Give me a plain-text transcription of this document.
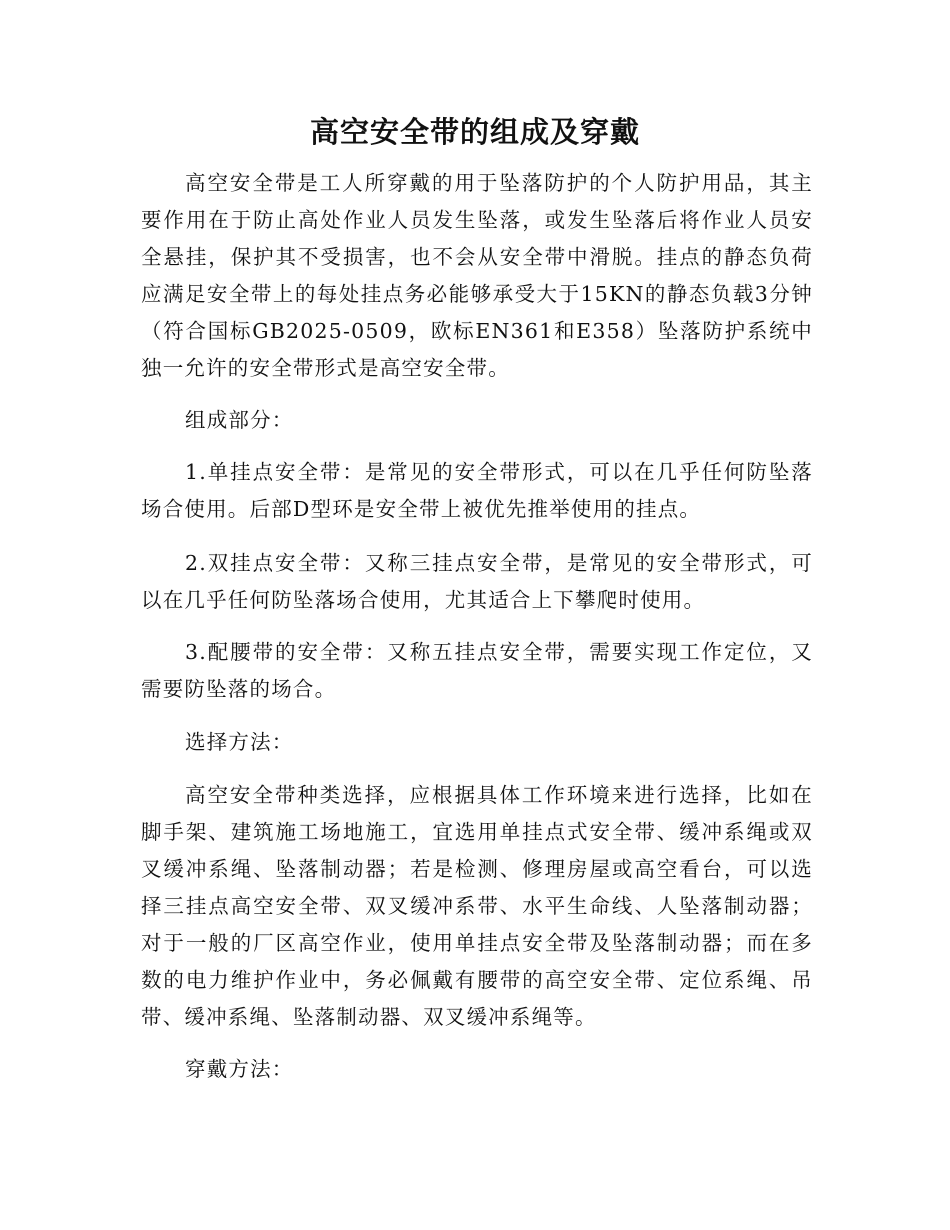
高空安全带的组成及穿戴

高空安全带是工人所穿戴的用于坠落防护的个人防护用品，其主要作用在于防止高处作业人员发生坠落，或发生坠落后将作业人员安全悬挂，保护其不受损害，也不会从安全带中滑脱。挂点的静态负荷应满足安全带上的每处挂点务必能够承受大于15KN的静态负载3分钟（符合国标GB2025-0509，欧标EN361和E358）坠落防护系统中独一允许的安全带形式是高空安全带。

组成部分：

1.单挂点安全带：是常见的安全带形式，可以在几乎任何防坠落场合使用。后部D型环是安全带上被优先推举使用的挂点。

2.双挂点安全带：又称三挂点安全带，是常见的安全带形式，可以在几乎任何防坠落场合使用，尤其适合上下攀爬时使用。

3.配腰带的安全带：又称五挂点安全带，需要实现工作定位，又需要防坠落的场合。

选择方法：

高空安全带种类选择，应根据具体工作环境来进行选择，比如在脚手架、建筑施工场地施工，宜选用单挂点式安全带、缓冲系绳或双叉缓冲系绳、坠落制动器；若是检测、修理房屋或高空看台，可以选择三挂点高空安全带、双叉缓冲系带、水平生命线、人坠落制动器；对于一般的厂区高空作业，使用单挂点安全带及坠落制动器；而在多数的电力维护作业中，务必佩戴有腰带的高空安全带、定位系绳、吊带、缓冲系绳、坠落制动器、双叉缓冲系绳等。

穿戴方法：
